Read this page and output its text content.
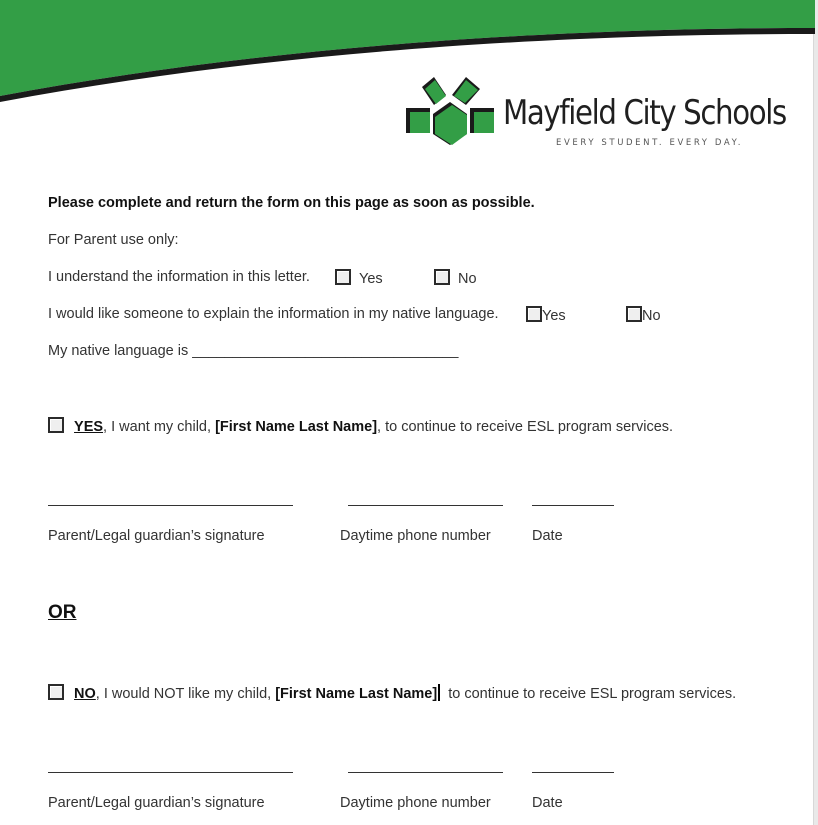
Mayfield City Schools
EVERY STUDENT. EVERY DAY.
Please complete and return the form on this page as soon as possible.
For Parent use only:
I understand the information in this letter.	Yes	No
I would like someone to explain the information in my native language.	Yes	No
My native language is _________________________________
YES, I want my child, [First Name Last Name], to continue to receive ESL program services.
Parent/Legal guardian’s signature	Daytime phone number	Date
OR
NO, I would NOT like my child, [First Name Last Name] to continue to receive ESL program services.
Parent/Legal guardian’s signature	Daytime phone number	Date
